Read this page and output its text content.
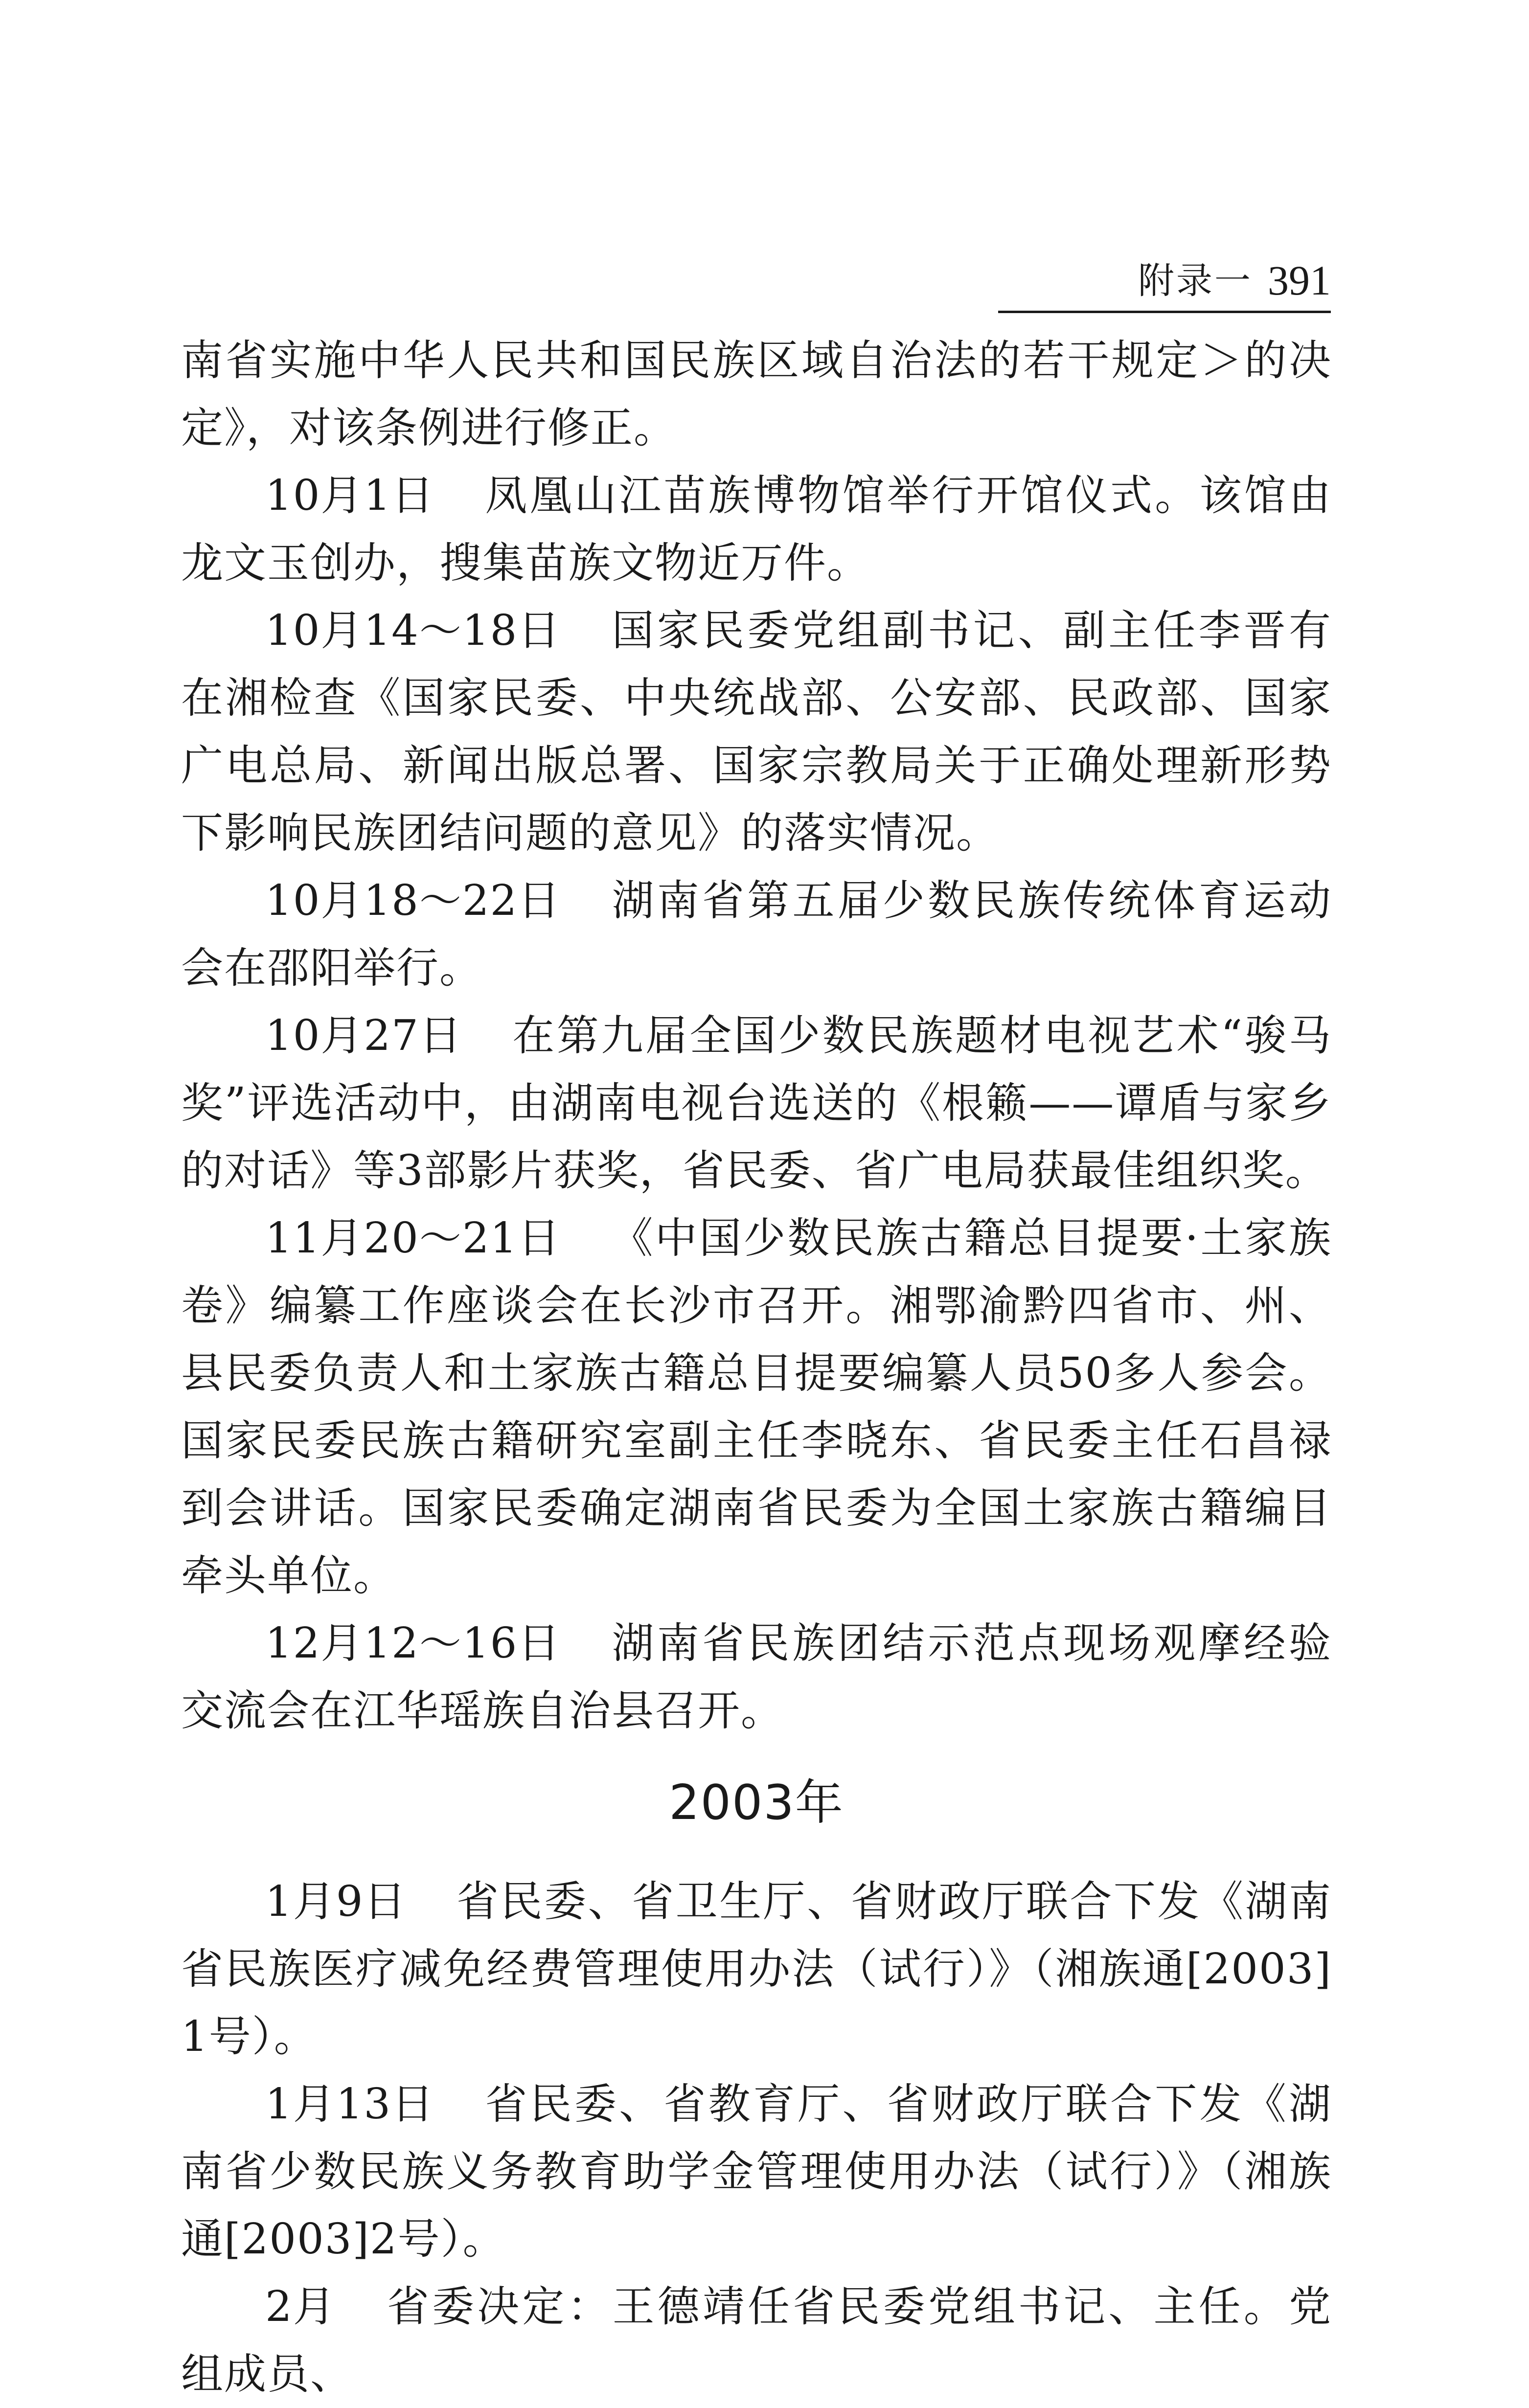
附录一 391

南省实施中华人民共和国民族区域自治法的若干规定＞的决定》，对该条例进行修正。

10月1日 凤凰山江苗族博物馆举行开馆仪式。该馆由龙文玉创办，搜集苗族文物近万件。

10月14～18日 国家民委党组副书记、副主任李晋有在湘检查《国家民委、中央统战部、公安部、民政部、国家广电总局、新闻出版总署、国家宗教局关于正确处理新形势下影响民族团结问题的意见》的落实情况。

10月18～22日 湖南省第五届少数民族传统体育运动会在邵阳举行。

10月27日 在第九届全国少数民族题材电视艺术“骏马奖”评选活动中，由湖南电视台选送的《根籁——谭盾与家乡的对话》等3部影片获奖，省民委、省广电局获最佳组织奖。

11月20～21日 《中国少数民族古籍总目提要·土家族卷》编纂工作座谈会在长沙市召开。湘鄂渝黔四省市、州、县民委负责人和土家族古籍总目提要编纂人员50多人参会。国家民委民族古籍研究室副主任李晓东、省民委主任石昌禄到会讲话。国家民委确定湖南省民委为全国土家族古籍编目牵头单位。

12月12～16日 湖南省民族团结示范点现场观摩经验交流会在江华瑶族自治县召开。

2003年

1月9日 省民委、省卫生厅、省财政厅联合下发《湖南省民族医疗减免经费管理使用办法（试行）》（湘族通[2003]1号）。

1月13日 省民委、省教育厅、省财政厅联合下发《湖南省少数民族义务教育助学金管理使用办法（试行）》（湘族通[2003]2号）。

2月 省委决定：王德靖任省民委党组书记、主任。党组成员、
